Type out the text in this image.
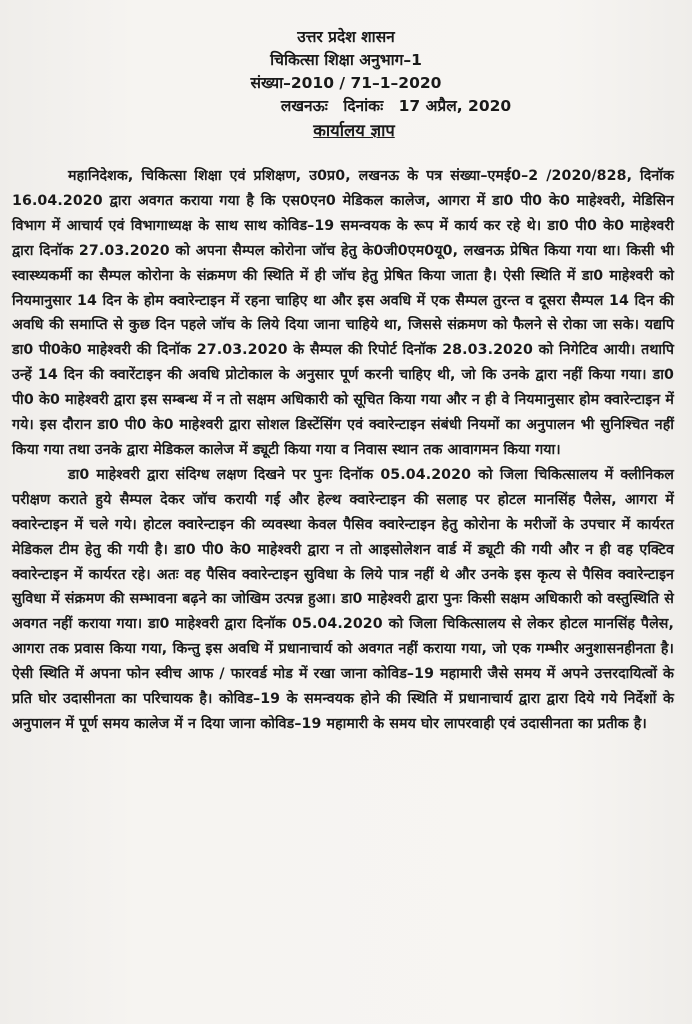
उत्तर प्रदेश शासन
चिकित्सा शिक्षा अनुभाग–1
संख्या–2010 / 71–1–2020
लखनऊः दिनांकः 17 अप्रैल, 2020
कार्यालय ज्ञाप

महानिदेशक, चिकित्सा शिक्षा एवं प्रशिक्षण, उ0प्र0, लखनऊ के पत्र संख्या–एमई0–2 /2020/828, दिनॉक 16.04.2020 द्वारा अवगत कराया गया है कि एस0एन0 मेडिकल कालेज, आगरा में डा0 पी0 के0 माहेश्वरी, मेडिसिन विभाग में आचार्य एवं विभागाध्यक्ष के साथ साथ कोविड–19 समन्वयक के रूप में कार्य कर रहे थे। डा0 पी0 के0 माहेश्वरी द्वारा दिनॉक 27.03.2020 को अपना सैम्पल कोरोना जॉच हेतु के0जी0एम0यू0, लखनऊ प्रेषित किया गया था। किसी भी स्वास्थ्यकर्मी का सैम्पल कोरोना के संक्रमण की स्थिति में ही जॉच हेतु प्रेषित किया जाता है। ऐसी स्थिति में डा0 माहेश्वरी को नियमानुसार 14 दिन के होम क्वारेन्टाइन में रहना चाहिए था और इस अवधि में एक सैम्पल तुरन्त व दूसरा सैम्पल 14 दिन की अवधि की समाप्ति से कुछ दिन पहले जॉच के लिये दिया जाना चाहिये था, जिससे संक्रमण को फैलने से रोका जा सके। यद्यपि डा0 पी0के0 माहेश्वरी की दिनॉक 27.03.2020 के सैम्पल की रिपोर्ट दिनॉक 28.03.2020 को निगेटिव आयी। तथापि उन्हें 14 दिन की क्वारेंटाइन की अवधि प्रोटोकाल के अनुसार पूर्ण करनी चाहिए थी, जो कि उनके द्वारा नहीं किया गया। डा0 पी0 के0 माहेश्वरी द्वारा इस सम्बन्ध में न तो सक्षम अधिकारी को सूचित किया गया और न ही वे नियमानुसार होम क्वारेन्टाइन में गये। इस दौरान डा0 पी0 के0 माहेश्वरी द्वारा सोशल डिस्टेंसिंग एवं क्वारेन्टाइन संबंधी नियमों का अनुपालन भी सुनिश्चित नहीं किया गया तथा उनके द्वारा मेडिकल कालेज में ड्यूटी किया गया व निवास स्थान तक आवागमन किया गया।

डा0 माहेश्वरी द्वारा संदिग्ध लक्षण दिखने पर पुनः दिनॉक 05.04.2020 को जिला चिकित्सालय में क्लीनिकल परीक्षण कराते हुये सैम्पल देकर जॉच करायी गई और हेल्थ क्वारेन्टाइन की सलाह पर होटल मानसिंह पैलेस, आगरा में क्वारेन्टाइन में चले गये। होटल क्वारेन्टाइन की व्यवस्था केवल पैसिव क्वारेन्टाइन हेतु कोरोना के मरीजों के उपचार में कार्यरत मेडिकल टीम हेतु की गयी है। डा0 पी0 के0 माहेश्वरी द्वारा न तो आइसोलेशन वार्ड में ड्यूटी की गयी और न ही वह एक्टिव क्वारेन्टाइन में कार्यरत रहे। अतः वह पैसिव क्वारेन्टाइन सुविधा के लिये पात्र नहीं थे और उनके इस कृत्य से पैसिव क्वारेन्टाइन सुविधा में संक्रमण की सम्भावना बढ़ने का जोखिम उत्पन्न हुआ। डा0 माहेश्वरी द्वारा पुनः किसी सक्षम अधिकारी को वस्तुस्थिति से अवगत नहीं कराया गया। डा0 माहेश्वरी द्वारा दिनॉक 05.04.2020 को जिला चिकित्सालय से लेकर होटल मानसिंह पैलेस, आगरा तक प्रवास किया गया, किन्तु इस अवधि में प्रधानाचार्य को अवगत नहीं कराया गया, जो एक गम्भीर अनुशासनहीनता है। ऐसी स्थिति में अपना फोन स्वीच आफ / फारवर्ड मोड में रखा जाना कोविड–19 महामारी जैसे समय में अपने उत्तरदायित्वों के प्रति घोर उदासीनता का परिचायक है। कोविड–19 के समन्वयक होने की स्थिति में प्रधानाचार्य द्वारा द्वारा दिये गये निर्देशों के अनुपालन में पूर्ण समय कालेज में न दिया जाना कोविड–19 महामारी के समय घोर लापरवाही एवं उदासीनता का प्रतीक है।
